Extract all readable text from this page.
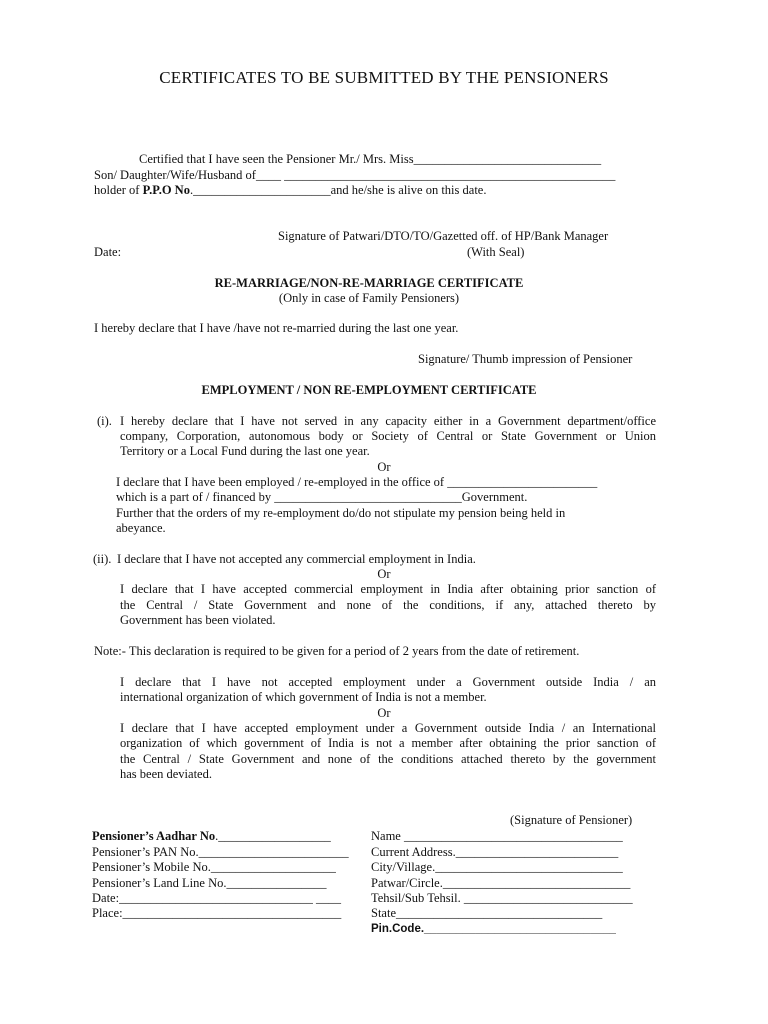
CERTIFICATES TO BE SUBMITTED BY THE PENSIONERS
Certified that I have seen the Pensioner Mr./ Mrs. Miss______________________________
Son/ Daughter/Wife/Husband of____ _____________________________________________________
holder of P.P.O No.______________________and he/she is alive on this date.
Signature of Patwari/DTO/TO/Gazetted off. of HP/Bank Manager
Date:	(With Seal)
RE-MARRIAGE/NON-RE-MARRIAGE CERTIFICATE
(Only in case of Family Pensioners)
I hereby declare that I have /have not re-married during the last one year.
Signature/ Thumb impression of Pensioner
EMPLOYMENT / NON RE-EMPLOYMENT CERTIFICATE
(i). I hereby declare that I have not served in any capacity either in a Government department/office
company, Corporation, autonomous body or Society of Central or State Government or Union
Territory or a Local Fund during the last one year.
Or
I declare that I have been employed / re-employed in the office of ________________________
which is a part of / financed by ______________________________Government.
Further that the orders of my re-employment do/do not stipulate my pension being held in
abeyance.
(ii). I declare that I have not accepted any commercial employment in India.
Or
I declare that I have accepted commercial employment in India after obtaining prior sanction of
the Central / State Government and none of the conditions, if any, attached thereto by
Government has been violated.
Note:- This declaration is required to be given for a period of 2 years from the date of retirement.
I declare that I have not accepted employment under a Government outside India / an
international organization of which government of India is not a member.
Or
I declare that I have accepted employment under a Government outside India / an International
organization of which government of India is not a member after obtaining the prior sanction of
the Central / State Government and none of the conditions attached thereto by the government
has been deviated.
(Signature of Pensioner)
Pensioner’s Aadhar No.__________________
Pensioner’s PAN No.________________________
Pensioner’s Mobile No.____________________
Pensioner’s Land Line No.________________
Date:_______________________________ ____
Place:___________________________________
Name ___________________________________
Current Address.__________________________
City/Village.______________________________
Patwar/Circle.______________________________
Tehsil/Sub Tehsil. ___________________________
State_________________________________
Pin.Code.______________________________
